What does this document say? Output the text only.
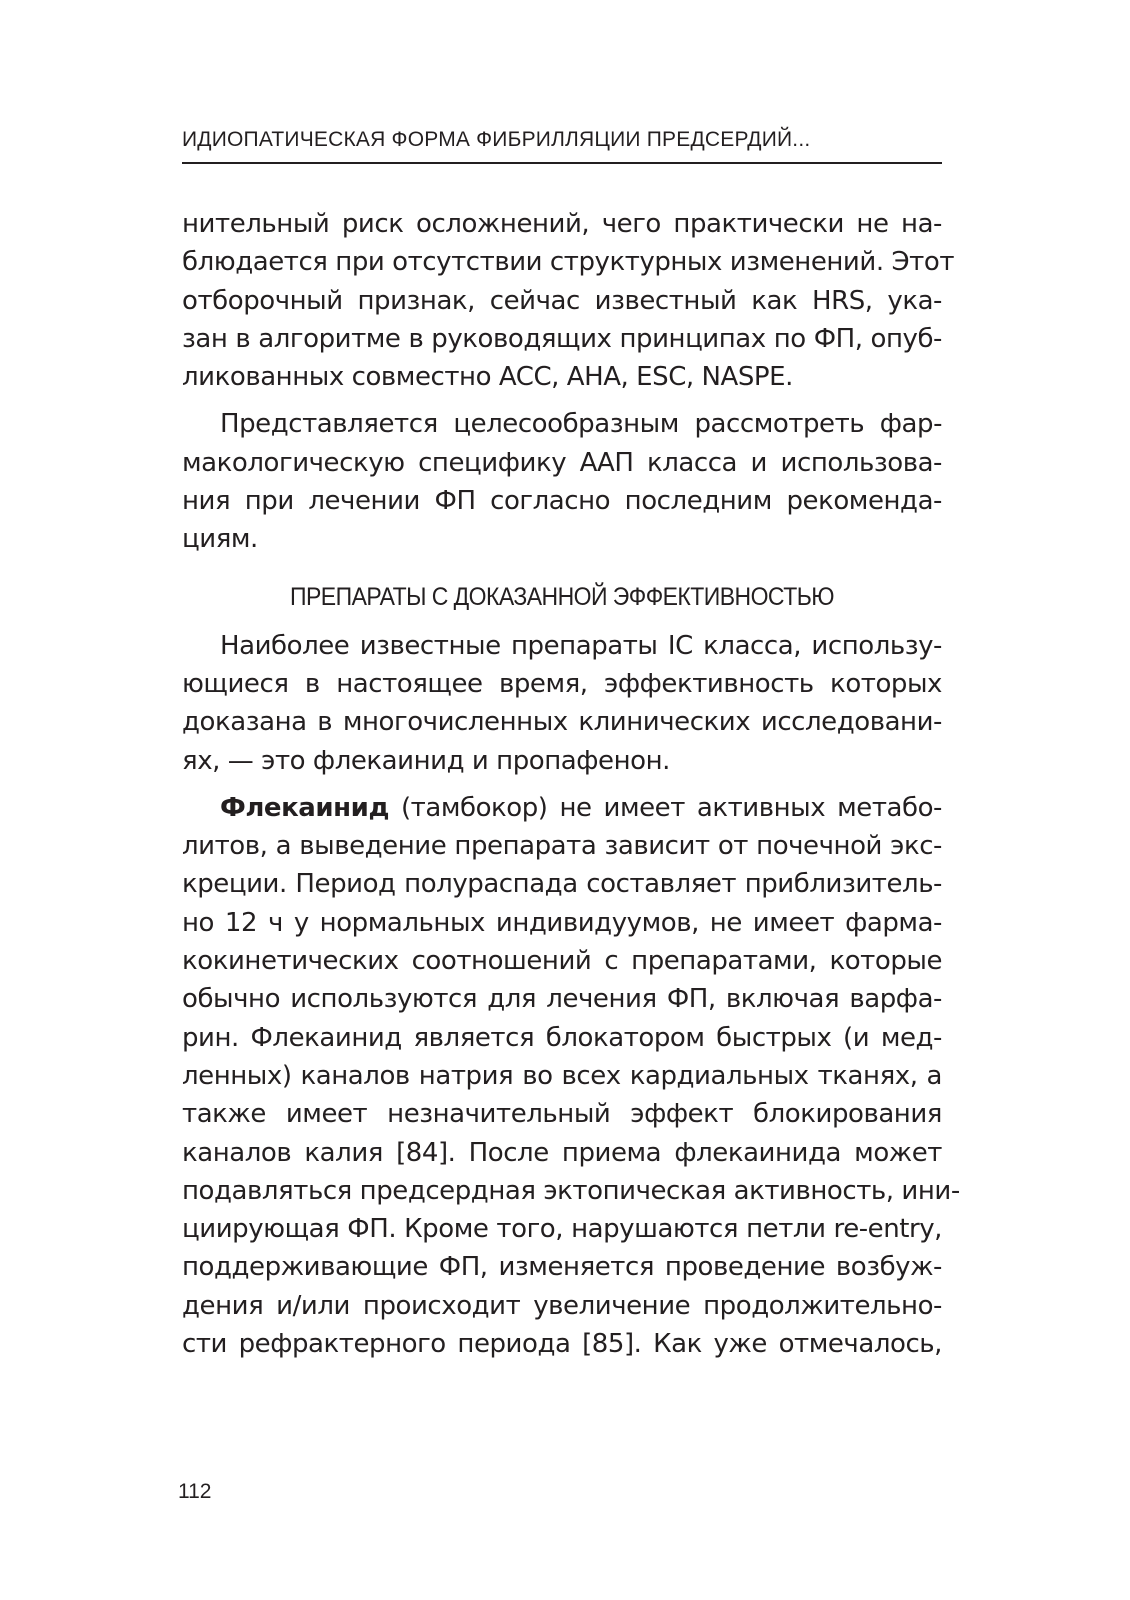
ИДИОПАТИЧЕСКАЯ ФОРМА ФИБРИЛЛЯЦИИ ПРЕДСЕРДИЙ...
нительный риск осложнений, чего практически не на-
блюдается при отсутствии структурных изменений. Этот
отборочный признак, сейчас известный как HRS, ука-
зан в алгоритме в руководящих принципах по ФП, опуб-
ликованных совместно ACC, AHA, ESC, NASPE.
Представляется целесообразным рассмотреть фар-
макологическую специфику ААП класса и использова-
ния при лечении ФП согласно последним рекоменда-
циям.
ПРЕПАРАТЫ С ДОКАЗАННОЙ ЭФФЕКТИВНОСТЬЮ
Наиболее известные препараты IC класса, использу-
ющиеся в настоящее время, эффективность которых
доказана в многочисленных клинических исследовани-
ях, — это флекаинид и пропафенон.
Флекаинид (тамбокор) не имеет активных метабо-
литов, а выведение препарата зависит от почечной экс-
креции. Период полураспада составляет приблизитель-
но 12 ч у нормальных индивидуумов, не имеет фарма-
кокинетических соотношений с препаратами, которые
обычно используются для лечения ФП, включая варфа-
рин. Флекаинид является блокатором быстрых (и мед-
ленных) каналов натрия во всех кардиальных тканях, а
также имеет незначительный эффект блокирования
каналов калия [84]. После приема флекаинида может
подавляться предсердная эктопическая активность, ини-
циирующая ФП. Кроме того, нарушаются петли re-entry,
поддерживающие ФП, изменяется проведение возбуж-
дения и/или происходит увеличение продолжительно-
сти рефрактерного периода [85]. Как уже отмечалось,
112
